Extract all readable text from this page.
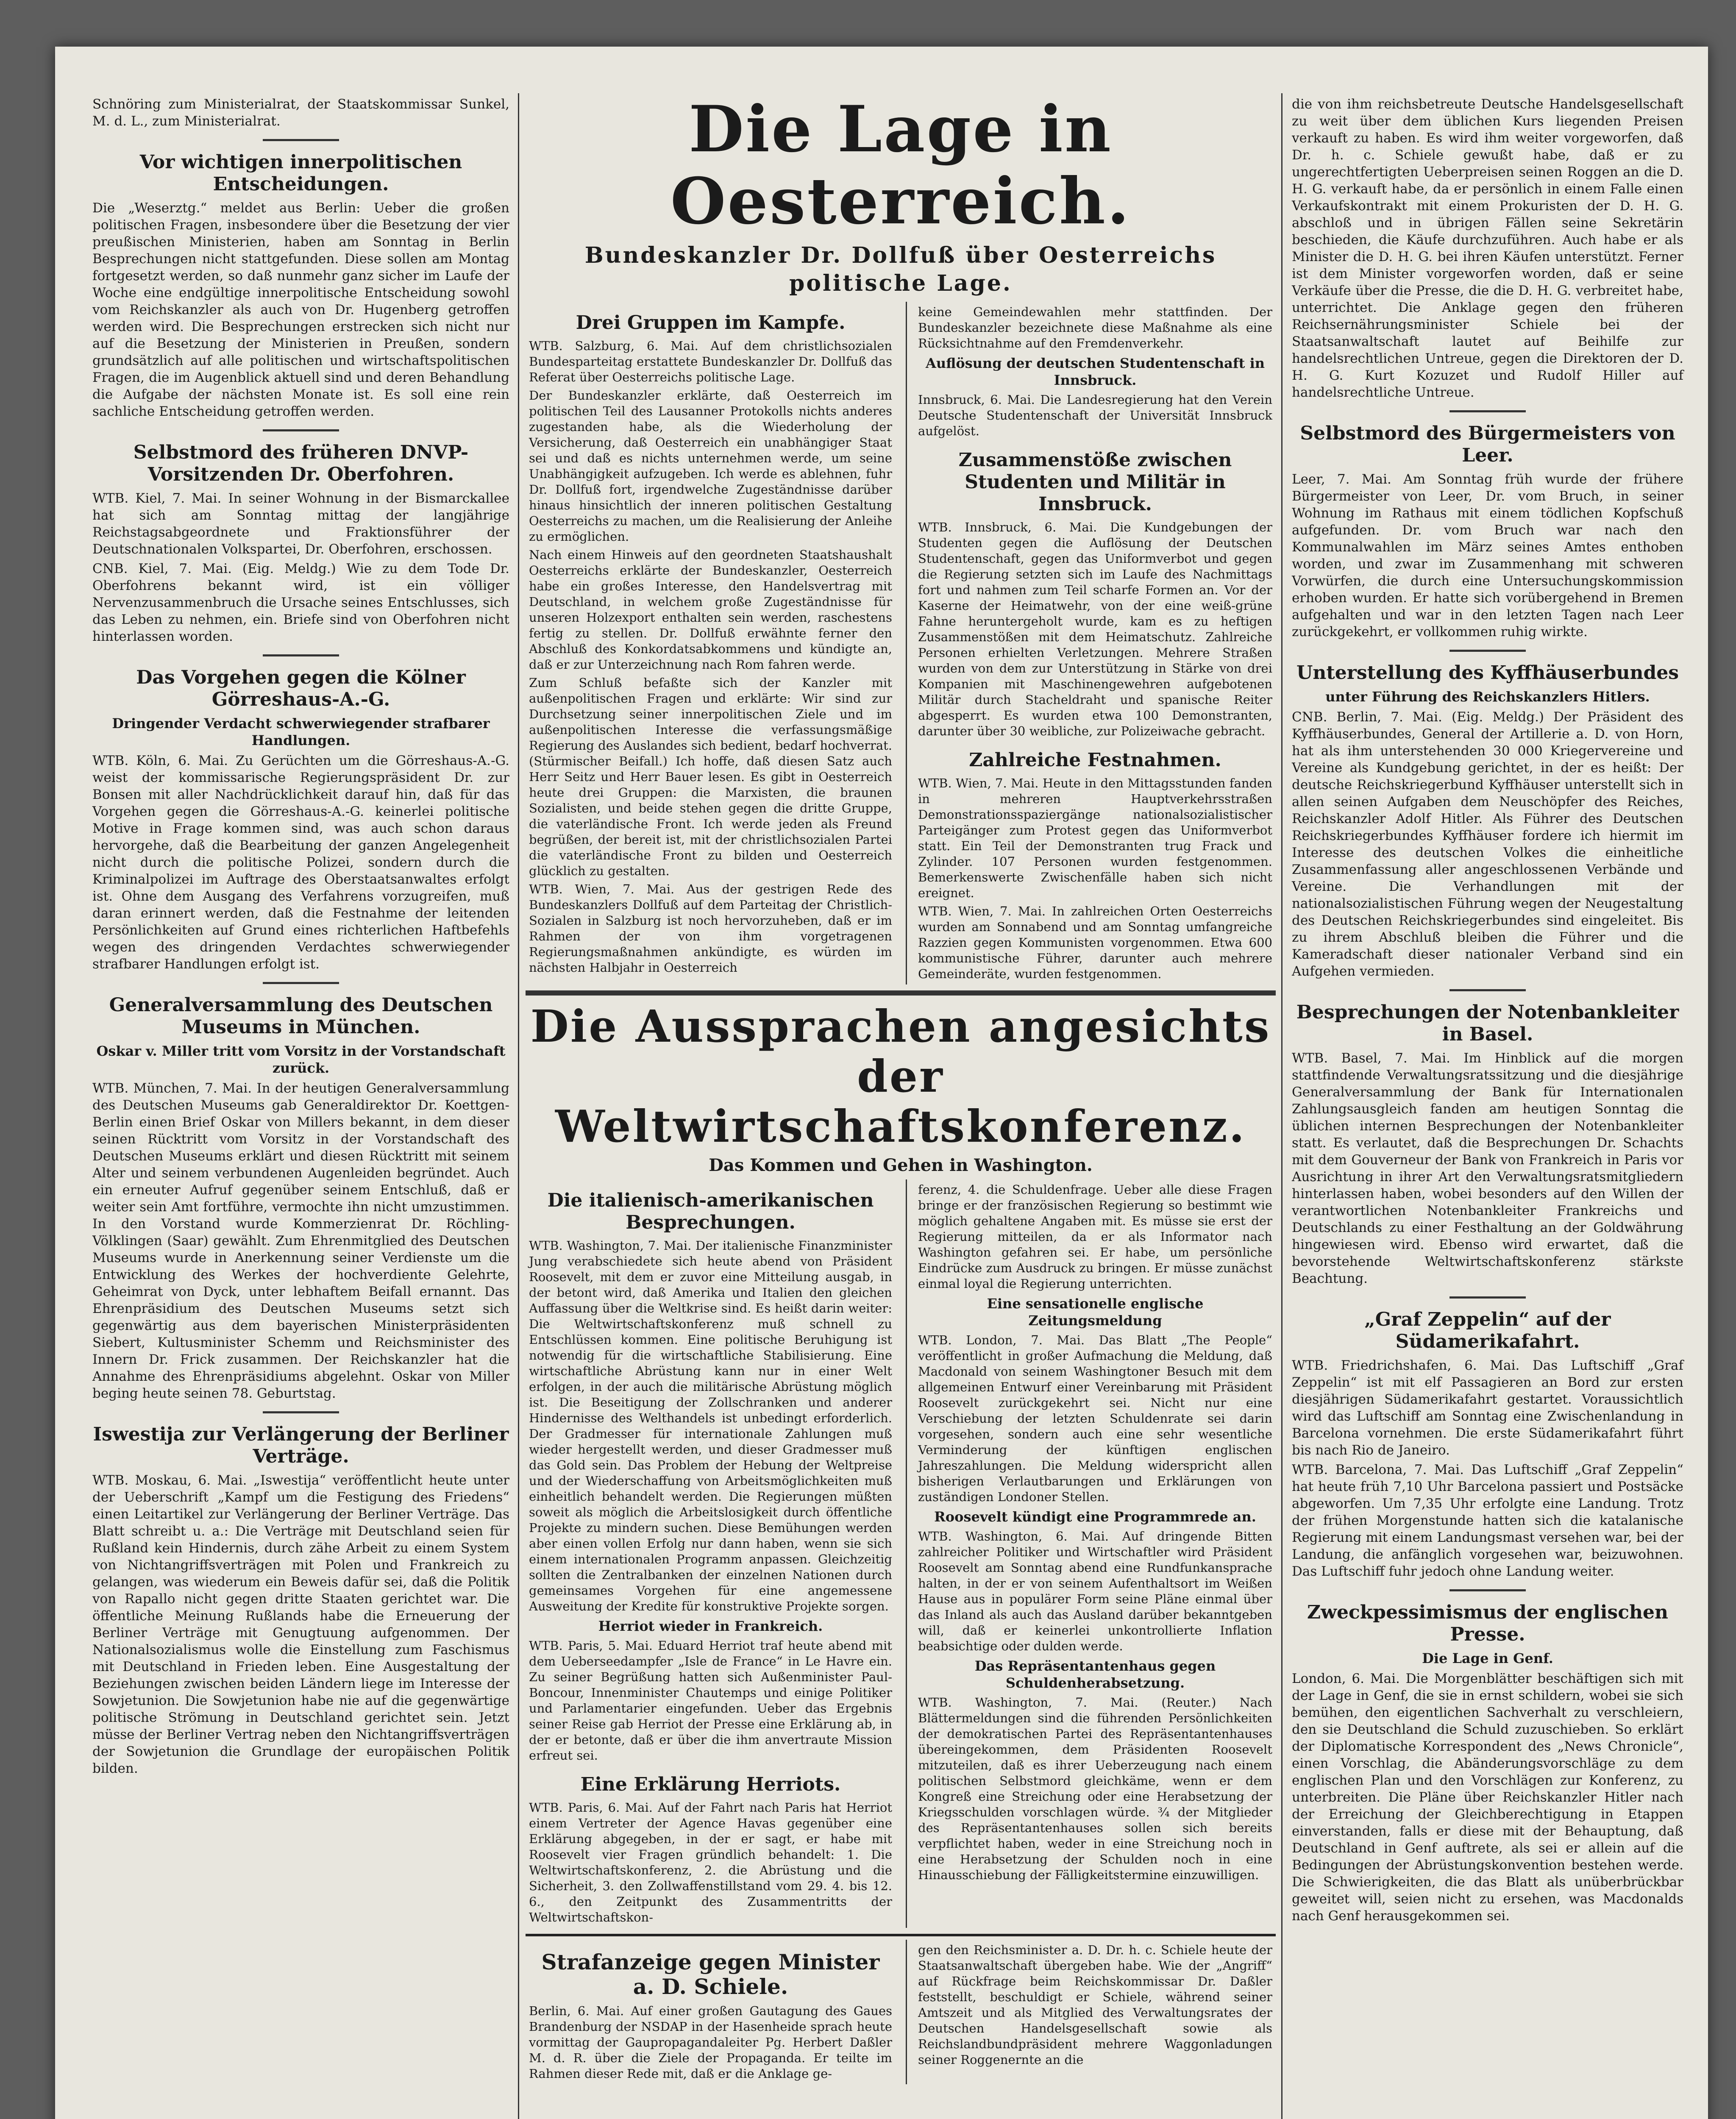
Schnöring zum Ministerialrat, der Staatskommissar Sunkel, M. d. L., zum Ministerialrat.
Vor wichtigen innerpolitischen Entscheidungen.
Die „Weserztg.“ meldet aus Berlin: Ueber die großen politischen Fragen, insbesondere über die Besetzung der vier preußischen Ministerien, haben am Sonntag in Berlin Besprechungen nicht stattgefunden. Diese sollen am Montag fortgesetzt werden, so daß nunmehr ganz sicher im Laufe der Woche eine endgültige innerpolitische Entscheidung sowohl vom Reichskanzler als auch von Dr. Hugenberg getroffen werden wird. Die Besprechungen erstrecken sich nicht nur auf die Besetzung der Ministerien in Preußen, sondern grundsätzlich auf alle politischen und wirtschaftspolitischen Fragen, die im Augenblick aktuell sind und deren Behandlung die Aufgabe der nächsten Monate ist. Es soll eine rein sachliche Entscheidung getroffen werden.
Selbstmord des früheren DNVP-Vorsitzenden Dr. Oberfohren.
WTB. Kiel, 7. Mai. In seiner Wohnung in der Bismarckallee hat sich am Sonntag mittag der langjährige Reichstagsabgeordnete und Fraktionsführer der Deutschnationalen Volkspartei, Dr. Oberfohren, erschossen.
CNB. Kiel, 7. Mai. (Eig. Meldg.) Wie zu dem Tode Dr. Oberfohrens bekannt wird, ist ein völliger Nervenzusammenbruch die Ursache seines Entschlusses, sich das Leben zu nehmen, ein. Briefe sind von Oberfohren nicht hinterlassen worden.
Das Vorgehen gegen die Kölner Görreshaus-A.-G.
Dringender Verdacht schwerwiegender strafbarer Handlungen.
WTB. Köln, 6. Mai. Zu Gerüchten um die Görreshaus-A.-G. weist der kommissarische Regierungspräsident Dr. zur Bonsen mit aller Nachdrücklichkeit darauf hin, daß für das Vorgehen gegen die Görreshaus-A.-G. keinerlei politische Motive in Frage kommen sind, was auch schon daraus hervorgehe, daß die Bearbeitung der ganzen Angelegenheit nicht durch die politische Polizei, sondern durch die Kriminalpolizei im Auftrage des Oberstaatsanwaltes erfolgt ist. Ohne dem Ausgang des Verfahrens vorzugreifen, muß daran erinnert werden, daß die Festnahme der leitenden Persönlichkeiten auf Grund eines richterlichen Haftbefehls wegen des dringenden Verdachtes schwerwiegender strafbarer Handlungen erfolgt ist.
Generalversammlung des Deutschen Museums in München.
Oskar v. Miller tritt vom Vorsitz in der Vorstandschaft zurück.
WTB. München, 7. Mai. In der heutigen Generalversammlung des Deutschen Museums gab Generaldirektor Dr. Koettgen-Berlin einen Brief Oskar von Millers bekannt, in dem dieser seinen Rücktritt vom Vorsitz in der Vorstandschaft des Deutschen Museums erklärt und diesen Rücktritt mit seinem Alter und seinem verbundenen Augenleiden begründet. Auch ein erneuter Aufruf gegenüber seinem Entschluß, daß er weiter sein Amt fortführe, vermochte ihn nicht umzustimmen. In den Vorstand wurde Kommerzienrat Dr. Röchling-Völklingen (Saar) gewählt. Zum Ehrenmitglied des Deutschen Museums wurde in Anerkennung seiner Verdienste um die Entwicklung des Werkes der hochverdiente Gelehrte, Geheimrat von Dyck, unter lebhaftem Beifall ernannt. Das Ehrenpräsidium des Deutschen Museums setzt sich gegenwärtig aus dem bayerischen Ministerpräsidenten Siebert, Kultusminister Schemm und Reichsminister des Innern Dr. Frick zusammen. Der Reichskanzler hat die Annahme des Ehrenpräsidiums abgelehnt. Oskar von Miller beging heute seinen 78. Geburtstag.
Iswestija zur Verlängerung der Berliner Verträge.
WTB. Moskau, 6. Mai. „Iswestija“ veröffentlicht heute unter der Ueberschrift „Kampf um die Festigung des Friedens“ einen Leitartikel zur Verlängerung der Berliner Verträge. Das Blatt schreibt u. a.: Die Verträge mit Deutschland seien für Rußland kein Hindernis, durch zähe Arbeit zu einem System von Nichtangriffsverträgen mit Polen und Frankreich zu gelangen, was wiederum ein Beweis dafür sei, daß die Politik von Rapallo nicht gegen dritte Staaten gerichtet war. Die öffentliche Meinung Rußlands habe die Erneuerung der Berliner Verträge mit Genugtuung aufgenommen. Der Nationalsozialismus wolle die Einstellung zum Faschismus mit Deutschland in Frieden leben. Eine Ausgestaltung der Beziehungen zwischen beiden Ländern liege im Interesse der Sowjetunion. Die Sowjetunion habe nie auf die gegenwärtige politische Strömung in Deutschland gerichtet sein. Jetzt müsse der Berliner Vertrag neben den Nichtangriffsverträgen der Sowjetunion die Grundlage der europäischen Politik bilden.
Die Lage in Oesterreich.
Bundeskanzler Dr. Dollfuß über Oesterreichs politische Lage.
Drei Gruppen im Kampfe.
WTB. Salzburg, 6. Mai. Auf dem christlichsozialen Bundesparteitag erstattete Bundeskanzler Dr. Dollfuß das Referat über Oesterreichs politische Lage.
Der Bundeskanzler erklärte, daß Oesterreich im politischen Teil des Lausanner Protokolls nichts anderes zugestanden habe, als die Wiederholung der Versicherung, daß Oesterreich ein unabhängiger Staat sei und daß es nichts unternehmen werde, um seine Unabhängigkeit aufzugeben. Ich werde es ablehnen, fuhr Dr. Dollfuß fort, irgendwelche Zugeständnisse darüber hinaus hinsichtlich der inneren politischen Gestaltung Oesterreichs zu machen, um die Realisierung der Anleihe zu ermöglichen.
Nach einem Hinweis auf den geordneten Staatshaushalt Oesterreichs erklärte der Bundeskanzler, Oesterreich habe ein großes Interesse, den Handelsvertrag mit Deutschland, in welchem große Zugeständnisse für unseren Holzexport enthalten sein werden, raschestens fertig zu stellen. Dr. Dollfuß erwähnte ferner den Abschluß des Konkordatsabkommens und kündigte an, daß er zur Unterzeichnung nach Rom fahren werde.
Zum Schluß befaßte sich der Kanzler mit außenpolitischen Fragen und erklärte: Wir sind zur Durchsetzung seiner innerpolitischen Ziele und im außenpolitischen Interesse die verfassungsmäßige Regierung des Auslandes sich bedient, bedarf hochverrat. (Stürmischer Beifall.) Ich hoffe, daß diesen Satz auch Herr Seitz und Herr Bauer lesen. Es gibt in Oesterreich heute drei Gruppen: die Marxisten, die braunen Sozialisten, und beide stehen gegen die dritte Gruppe, die vaterländische Front. Ich werde jeden als Freund begrüßen, der bereit ist, mit der christlichsozialen Partei die vaterländische Front zu bilden und Oesterreich glücklich zu gestalten.
WTB. Wien, 7. Mai. Aus der gestrigen Rede des Bundeskanzlers Dollfuß auf dem Parteitag der Christlich-Sozialen in Salzburg ist noch hervorzuheben, daß er im Rahmen der von ihm vorgetragenen Regierungsmaßnahmen ankündigte, es würden im nächsten Halbjahr in Oesterreich
keine Gemeindewahlen mehr stattfinden. Der Bundeskanzler bezeichnete diese Maßnahme als eine Rücksichtnahme auf den Fremdenverkehr.
Auflösung der deutschen Studentenschaft in Innsbruck.
Innsbruck, 6. Mai. Die Landesregierung hat den Verein Deutsche Studentenschaft der Universität Innsbruck aufgelöst.
Zusammenstöße zwischen Studenten und Militär in Innsbruck.
WTB. Innsbruck, 6. Mai. Die Kundgebungen der Studenten gegen die Auflösung der Deutschen Studentenschaft, gegen das Uniformverbot und gegen die Regierung setzten sich im Laufe des Nachmittags fort und nahmen zum Teil scharfe Formen an. Vor der Kaserne der Heimatwehr, von der eine weiß-grüne Fahne heruntergeholt wurde, kam es zu heftigen Zusammenstößen mit dem Heimatschutz. Zahlreiche Personen erhielten Verletzungen. Mehrere Straßen wurden von dem zur Unterstützung in Stärke von drei Kompanien mit Maschinengewehren aufgebotenen Militär durch Stacheldraht und spanische Reiter abgesperrt. Es wurden etwa 100 Demonstranten, darunter über 30 weibliche, zur Polizeiwache gebracht.
Zahlreiche Festnahmen.
WTB. Wien, 7. Mai. Heute in den Mittagsstunden fanden in mehreren Hauptverkehrsstraßen Demonstrationsspaziergänge nationalsozialistischer Parteigänger zum Protest gegen das Uniformverbot statt. Ein Teil der Demonstranten trug Frack und Zylinder. 107 Personen wurden festgenommen. Bemerkenswerte Zwischenfälle haben sich nicht ereignet.
WTB. Wien, 7. Mai. In zahlreichen Orten Oesterreichs wurden am Sonnabend und am Sonntag umfangreiche Razzien gegen Kommunisten vorgenommen. Etwa 600 kommunistische Führer, darunter auch mehrere Gemeinderäte, wurden festgenommen.
Die Aussprachen angesichts der Weltwirtschaftskonferenz.
Das Kommen und Gehen in Washington.
Die italienisch-amerikanischen Besprechungen.
WTB. Washington, 7. Mai. Der italienische Finanzminister Jung verabschiedete sich heute abend von Präsident Roosevelt, mit dem er zuvor eine Mitteilung ausgab, in der betont wird, daß Amerika und Italien den gleichen Auffassung über die Weltkrise sind. Es heißt darin weiter: Die Weltwirtschaftskonferenz muß schnell zu Entschlüssen kommen. Eine politische Beruhigung ist notwendig für die wirtschaftliche Stabilisierung. Eine wirtschaftliche Abrüstung kann nur in einer Welt erfolgen, in der auch die militärische Abrüstung möglich ist. Die Beseitigung der Zollschranken und anderer Hindernisse des Welthandels ist unbedingt erforderlich. Der Gradmesser für internationale Zahlungen muß wieder hergestellt werden, und dieser Gradmesser muß das Gold sein. Das Problem der Hebung der Weltpreise und der Wiederschaffung von Arbeitsmöglichkeiten muß einheitlich behandelt werden. Die Regierungen müßten soweit als möglich die Arbeitslosigkeit durch öffentliche Projekte zu mindern suchen. Diese Bemühungen werden aber einen vollen Erfolg nur dann haben, wenn sie sich einem internationalen Programm anpassen. Gleichzeitig sollten die Zentralbanken der einzelnen Nationen durch gemeinsames Vorgehen für eine angemessene Ausweitung der Kredite für konstruktive Projekte sorgen.
Herriot wieder in Frankreich.
WTB. Paris, 5. Mai. Eduard Herriot traf heute abend mit dem Ueberseedampfer „Isle de France“ in Le Havre ein. Zu seiner Begrüßung hatten sich Außenminister Paul-Boncour, Innenminister Chautemps und einige Politiker und Parlamentarier eingefunden. Ueber das Ergebnis seiner Reise gab Herriot der Presse eine Erklärung ab, in der er betonte, daß er über die ihm anvertraute Mission erfreut sei.
Eine Erklärung Herriots.
WTB. Paris, 6. Mai. Auf der Fahrt nach Paris hat Herriot einem Vertreter der Agence Havas gegenüber eine Erklärung abgegeben, in der er sagt, er habe mit Roosevelt vier Fragen gründlich behandelt: 1. Die Weltwirtschaftskonferenz, 2. die Abrüstung und die Sicherheit, 3. den Zollwaffenstillstand vom 29. 4. bis 12. 6., den Zeitpunkt des Zusammentritts der Weltwirtschaftskon-
ferenz, 4. die Schuldenfrage. Ueber alle diese Fragen bringe er der französischen Regierung so bestimmt wie möglich gehaltene Angaben mit. Es müsse sie erst der Regierung mitteilen, da er als Informator nach Washington gefahren sei. Er habe, um persönliche Eindrücke zum Ausdruck zu bringen. Er müsse zunächst einmal loyal die Regierung unterrichten.
Eine sensationelle englische Zeitungsmeldung
WTB. London, 7. Mai. Das Blatt „The People“ veröffentlicht in großer Aufmachung die Meldung, daß Macdonald von seinem Washingtoner Besuch mit dem allgemeinen Entwurf einer Vereinbarung mit Präsident Roosevelt zurückgekehrt sei. Nicht nur eine Verschiebung der letzten Schuldenrate sei darin vorgesehen, sondern auch eine sehr wesentliche Verminderung der künftigen englischen Jahreszahlungen. Die Meldung widerspricht allen bisherigen Verlautbarungen und Erklärungen von zuständigen Londoner Stellen.
Roosevelt kündigt eine Programmrede an.
WTB. Washington, 6. Mai. Auf dringende Bitten zahlreicher Politiker und Wirtschaftler wird Präsident Roosevelt am Sonntag abend eine Rundfunkansprache halten, in der er von seinem Aufenthaltsort im Weißen Hause aus in populärer Form seine Pläne einmal über das Inland als auch das Ausland darüber bekanntgeben will, daß er keinerlei unkontrollierte Inflation beabsichtige oder dulden werde.
Das Repräsentantenhaus gegen Schuldenherabsetzung.
WTB. Washington, 7. Mai. (Reuter.) Nach Blättermeldungen sind die führenden Persönlichkeiten der demokratischen Partei des Repräsentantenhauses übereingekommen, dem Präsidenten Roosevelt mitzuteilen, daß es ihrer Ueberzeugung nach einem politischen Selbstmord gleichkäme, wenn er dem Kongreß eine Streichung oder eine Herabsetzung der Kriegsschulden vorschlagen würde. ¾ der Mitglieder des Repräsentantenhauses sollen sich bereits verpflichtet haben, weder in eine Streichung noch in eine Herabsetzung der Schulden noch in eine Hinausschiebung der Fälligkeitstermine einzuwilligen.
Strafanzeige gegen Minister a. D. Schiele.
Berlin, 6. Mai. Auf einer großen Gautagung des Gaues Brandenburg der NSDAP in der Hasenheide sprach heute vormittag der Gaupropagandaleiter Pg. Herbert Daßler M. d. R. über die Ziele der Propaganda. Er teilte im Rahmen dieser Rede mit, daß er die Anklage ge-
gen den Reichsminister a. D. Dr. h. c. Schiele heute der Staatsanwaltschaft übergeben habe. Wie der „Angriff“ auf Rückfrage beim Reichskommissar Dr. Daßler feststellt, beschuldigt er Schiele, während seiner Amtszeit und als Mitglied des Verwaltungsrates der Deutschen Handelsgesellschaft sowie als Reichslandbundpräsident mehrere Waggonladungen seiner Roggenernte an die
die von ihm reichsbetreute Deutsche Handelsgesellschaft zu weit über dem üblichen Kurs liegenden Preisen verkauft zu haben. Es wird ihm weiter vorgeworfen, daß Dr. h. c. Schiele gewußt habe, daß er zu ungerechtfertigten Ueberpreisen seinen Roggen an die D. H. G. verkauft habe, da er persönlich in einem Falle einen Verkaufskontrakt mit einem Prokuristen der D. H. G. abschloß und in übrigen Fällen seine Sekretärin beschieden, die Käufe durchzuführen. Auch habe er als Minister die D. H. G. bei ihren Käufen unterstützt. Ferner ist dem Minister vorgeworfen worden, daß er seine Verkäufe über die Presse, die die D. H. G. verbreitet habe, unterrichtet. Die Anklage gegen den früheren Reichsernährungsminister Schiele bei der Staatsanwaltschaft lautet auf Beihilfe zur handelsrechtlichen Untreue, gegen die Direktoren der D. H. G. Kurt Kozuzet und Rudolf Hiller auf handelsrechtliche Untreue.
Selbstmord des Bürgermeisters von Leer.
Leer, 7. Mai. Am Sonntag früh wurde der frühere Bürgermeister von Leer, Dr. vom Bruch, in seiner Wohnung im Rathaus mit einem tödlichen Kopfschuß aufgefunden. Dr. vom Bruch war nach den Kommunalwahlen im März seines Amtes enthoben worden, und zwar im Zusammenhang mit schweren Vorwürfen, die durch eine Untersuchungskommission erhoben wurden. Er hatte sich vorübergehend in Bremen aufgehalten und war in den letzten Tagen nach Leer zurückgekehrt, er vollkommen ruhig wirkte.
Unterstellung des Kyffhäuserbundes
unter Führung des Reichskanzlers Hitlers.
CNB. Berlin, 7. Mai. (Eig. Meldg.) Der Präsident des Kyffhäuserbundes, General der Artillerie a. D. von Horn, hat als ihm unterstehenden 30 000 Kriegervereine und Vereine als Kundgebung gerichtet, in der es heißt: Der deutsche Reichskriegerbund Kyffhäuser unterstellt sich in allen seinen Aufgaben dem Neuschöpfer des Reiches, Reichskanzler Adolf Hitler. Als Führer des Deutschen Reichskriegerbundes Kyffhäuser fordere ich hiermit im Interesse des deutschen Volkes die einheitliche Zusammenfassung aller angeschlossenen Verbände und Vereine. Die Verhandlungen mit der nationalsozialistischen Führung wegen der Neugestaltung des Deutschen Reichskriegerbundes sind eingeleitet. Bis zu ihrem Abschluß bleiben die Führer und die Kameradschaft dieser nationaler Verband sind ein Aufgehen vermieden.
Besprechungen der Notenbankleiter in Basel.
WTB. Basel, 7. Mai. Im Hinblick auf die morgen stattfindende Verwaltungsratssitzung und die diesjährige Generalversammlung der Bank für Internationalen Zahlungsausgleich fanden am heutigen Sonntag die üblichen internen Besprechungen der Notenbankleiter statt. Es verlautet, daß die Besprechungen Dr. Schachts mit dem Gouverneur der Bank von Frankreich in Paris vor Ausrichtung in ihrer Art den Verwaltungsratsmitgliedern hinterlassen haben, wobei besonders auf den Willen der verantwortlichen Notenbankleiter Frankreichs und Deutschlands zu einer Festhaltung an der Goldwährung hingewiesen wird. Ebenso wird erwartet, daß die bevorstehende Weltwirtschaftskonferenz stärkste Beachtung.
„Graf Zeppelin“ auf der Südamerikafahrt.
WTB. Friedrichshafen, 6. Mai. Das Luftschiff „Graf Zeppelin“ ist mit elf Passagieren an Bord zur ersten diesjährigen Südamerikafahrt gestartet. Voraussichtlich wird das Luftschiff am Sonntag eine Zwischenlandung in Barcelona vornehmen. Die erste Südamerikafahrt führt bis nach Rio de Janeiro.
WTB. Barcelona, 7. Mai. Das Luftschiff „Graf Zeppelin“ hat heute früh 7,10 Uhr Barcelona passiert und Postsäcke abgeworfen. Um 7,35 Uhr erfolgte eine Landung. Trotz der frühen Morgenstunde hatten sich die katalanische Regierung mit einem Landungsmast versehen war, bei der Landung, die anfänglich vorgesehen war, beizuwohnen. Das Luftschiff fuhr jedoch ohne Landung weiter.
Zweckpessimismus der englischen Presse.
Die Lage in Genf.
London, 6. Mai. Die Morgenblätter beschäftigen sich mit der Lage in Genf, die sie in ernst schildern, wobei sie sich bemühen, den eigentlichen Sachverhalt zu verschleiern, den sie Deutschland die Schuld zuzuschieben. So erklärt der Diplomatische Korrespondent des „News Chronicle“, einen Vorschlag, die Abänderungsvorschläge zu dem englischen Plan und den Vorschlägen zur Konferenz, zu unterbreiten. Die Pläne über Reichskanzler Hitler nach der Erreichung der Gleichberechtigung in Etappen einverstanden, falls er diese mit der Behauptung, daß Deutschland in Genf auftrete, als sei er allein auf die Bedingungen der Abrüstungskonvention bestehen werde. Die Schwierigkeiten, die das Blatt als unüberbrückbar geweitet will, seien nicht zu ersehen, was Macdonalds nach Genf herausgekommen sei.
